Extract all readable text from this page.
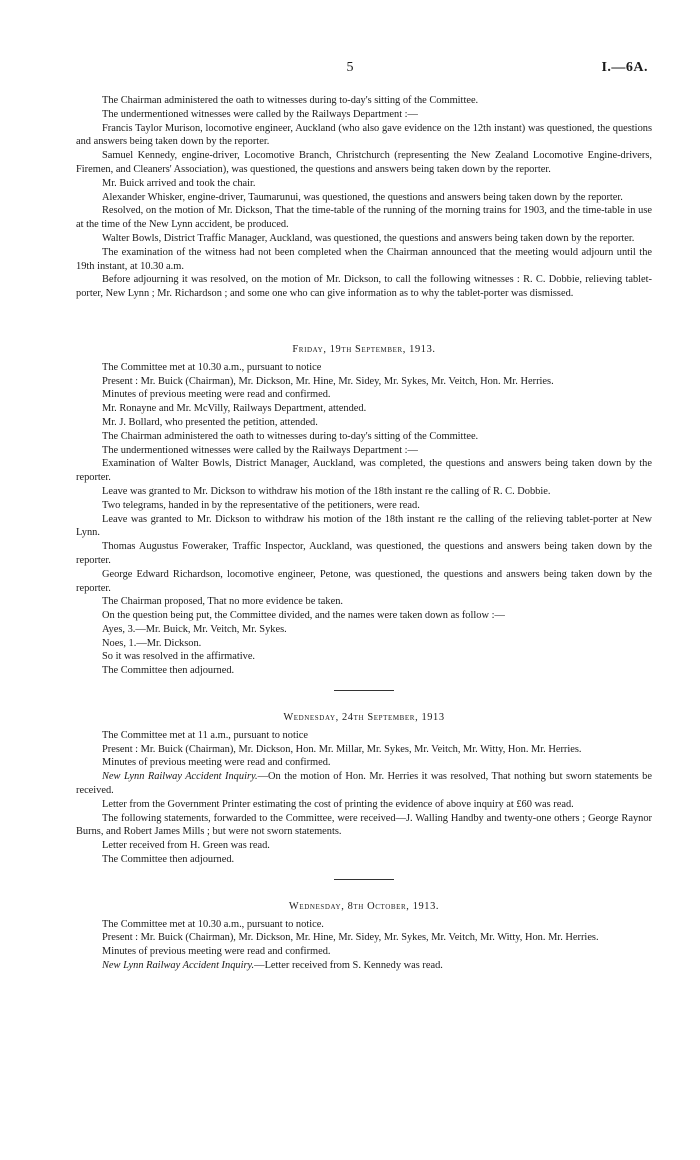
5	I.—6A.

The Chairman administered the oath to witnesses during to-day's sitting of the Committee.

The undermentioned witnesses were called by the Railways Department :—

Francis Taylor Murison, locomotive engineer, Auckland (who also gave evidence on the 12th instant) was questioned, the questions and answers being taken down by the reporter.

Samuel Kennedy, engine-driver, Locomotive Branch, Christchurch (representing the New Zealand Locomotive Engine-drivers, Firemen, and Cleaners' Association), was questioned, the questions and answers being taken down by the reporter.

Mr. Buick arrived and took the chair.

Alexander Whisker, engine-driver, Taumarunui, was questioned, the questions and answers being taken down by the reporter.

Resolved, on the motion of Mr. Dickson, That the time-table of the running of the morning trains for 1903, and the time-table in use at the time of the New Lynn accident, be produced.

Walter Bowls, District Traffic Manager, Auckland, was questioned, the questions and answers being taken down by the reporter.

The examination of the witness had not been completed when the Chairman announced that the meeting would adjourn until the 19th instant, at 10.30 a.m.

Before adjourning it was resolved, on the motion of Mr. Dickson, to call the following witnesses : R. C. Dobbie, relieving tablet-porter, New Lynn ; Mr. Richardson ; and some one who can give information as to why the tablet-porter was dismissed.

Friday, 19th September, 1913.

The Committee met at 10.30 a.m., pursuant to notice

Present : Mr. Buick (Chairman), Mr. Dickson, Mr. Hine, Mr. Sidey, Mr. Sykes, Mr. Veitch, Hon. Mr. Herries.

Minutes of previous meeting were read and confirmed.

Mr. Ronayne and Mr. McVilly, Railways Department, attended.

Mr. J. Bollard, who presented the petition, attended.

The Chairman administered the oath to witnesses during to-day's sitting of the Committee.

The undermentioned witnesses were called by the Railways Department :—

Examination of Walter Bowls, District Manager, Auckland, was completed, the questions and answers being taken down by the reporter.

Leave was granted to Mr. Dickson to withdraw his motion of the 18th instant re the calling of R. C. Dobbie.

Two telegrams, handed in by the representative of the petitioners, were read.

Leave was granted to Mr. Dickson to withdraw his motion of the 18th instant re the calling of the relieving tablet-porter at New Lynn.

Thomas Augustus Foweraker, Traffic Inspector, Auckland, was questioned, the questions and answers being taken down by the reporter.

George Edward Richardson, locomotive engineer, Petone, was questioned, the questions and answers being taken down by the reporter.

The Chairman proposed, That no more evidence be taken.

On the question being put, the Committee divided, and the names were taken down as follow :—

Ayes, 3.—Mr. Buick, Mr. Veitch, Mr. Sykes.

Noes, 1.—Mr. Dickson.

So it was resolved in the affirmative.

The Committee then adjourned.

Wednesday, 24th September, 1913

The Committee met at 11 a.m., pursuant to notice

Present : Mr. Buick (Chairman), Mr. Dickson, Hon. Mr. Millar, Mr. Sykes, Mr. Veitch, Mr. Witty, Hon. Mr. Herries.

Minutes of previous meeting were read and confirmed.

New Lynn Railway Accident Inquiry.—On the motion of Hon. Mr. Herries it was resolved, That nothing but sworn statements be received.

Letter from the Government Printer estimating the cost of printing the evidence of above inquiry at £60 was read.

The following statements, forwarded to the Committee, were received—J. Walling Handby and twenty-one others ; George Raynor Burns, and Robert James Mills ; but were not sworn statements.

Letter received from H. Green was read.

The Committee then adjourned.

Wednesday, 8th October, 1913.

The Committee met at 10.30 a.m., pursuant to notice.

Present : Mr. Buick (Chairman), Mr. Dickson, Mr. Hine, Mr. Sidey, Mr. Sykes, Mr. Veitch, Mr. Witty, Hon. Mr. Herries.

Minutes of previous meeting were read and confirmed.

New Lynn Railway Accident Inquiry.—Letter received from S. Kennedy was read.
